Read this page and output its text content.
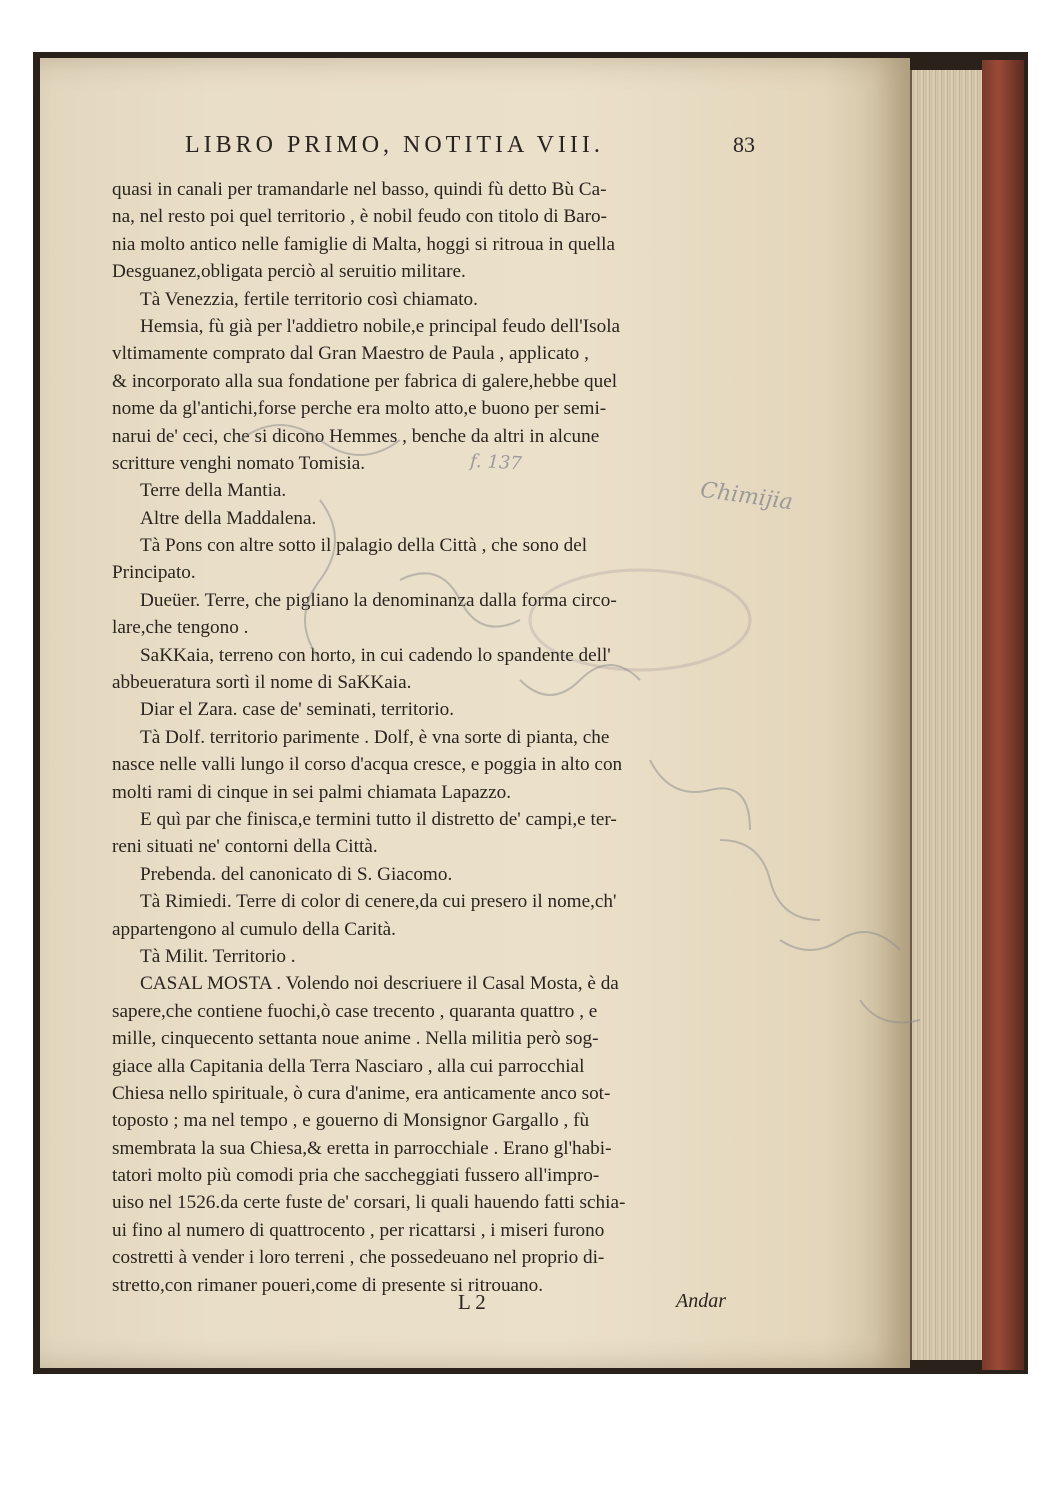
LIBRO PRIMO, NOTITIA VIII.	83
quasi in canali per tramandarle nel basso, quindi fù detto Bù Ca-
na, nel resto poi quel territorio , è nobil feudo con titolo di Baro-
nia molto antico nelle famiglie di Malta, hoggi si ritroua in quella
Desguanez,obligata perciò al seruitio militare.
Tà Venezzia, fertile territorio così chiamato.
Hemsia, fù già per l'addietro nobile,e principal feudo dell'Isola
vltimamente comprato dal Gran Maestro de Paula , applicato ,
& incorporato alla sua fondatione per fabrica di galere,hebbe quel
nome da gl'antichi,forse perche era molto atto,e buono per semi-
narui de' ceci, che si dicono Hemmes , benche da altri in alcune
scritture venghi nomato Tomisia.
Terre della Mantia.
Altre della Maddalena.
Tà Pons con altre sotto il palagio della Città , che sono del
Principato.
Dueüer. Terre, che pigliano la denominanza dalla forma circo-
lare,che tengono .
SaKKaia, terreno con horto, in cui cadendo lo spandente dell'
abbeueratura sortì il nome di SaKKaia.
Diar el Zara. case de' seminati, territorio.
Tà Dolf. territorio parimente . Dolf, è vna sorte di pianta, che
nasce nelle valli lungo il corso d'acqua cresce, e poggia in alto con
molti rami di cinque in sei palmi chiamata Lapazzo.
E quì par che finisca,e termini tutto il distretto de' campi,e ter-
reni situati ne' contorni della Città.
Prebenda. del canonicato di S. Giacomo.
Tà Rimiedi. Terre di color di cenere,da cui presero il nome,ch'
appartengono al cumulo della Carità.
Tà Milit. Territorio .
CASAL MOSTA . Volendo noi descriuere il Casal Mosta, è da
sapere,che contiene fuochi,ò case trecento , quaranta quattro , e
mille, cinquecento settanta noue anime . Nella militia però sog-
giace alla Capitania della Terra Nasciaro , alla cui parrocchial
Chiesa nello spirituale, ò cura d'anime, era anticamente anco sot-
toposto ; ma nel tempo , e gouerno di Monsignor Gargallo , fù
smembrata la sua Chiesa,& eretta in parrocchiale . Erano gl'habi-
tatori molto più comodi pria che saccheggiati fussero all'impro-
uiso nel 1526.da certe fuste de' corsari, li quali hauendo fatti schia-
ui fino al numero di quattrocento , per ricattarsi , i miseri furono
costretti à vender i loro terreni , che possedeuano nel proprio di-
stretto,con rimaner poueri,come di presente si ritrouano.
L 2	Andar
f. 137
Chimijia
